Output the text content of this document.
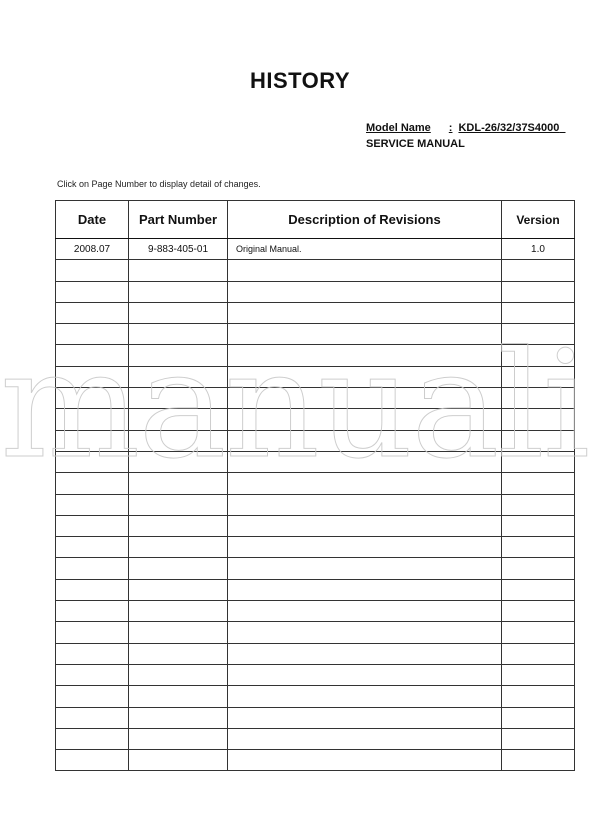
HISTORY
Model Name : KDL-26/32/37S4000
SERVICE MANUAL
Click on Page Number to display detail of changes.
Date	Part Number	Description of Revisions	Version
2008.07	9-883-405-01	Original Manual.	1.0

manuali
